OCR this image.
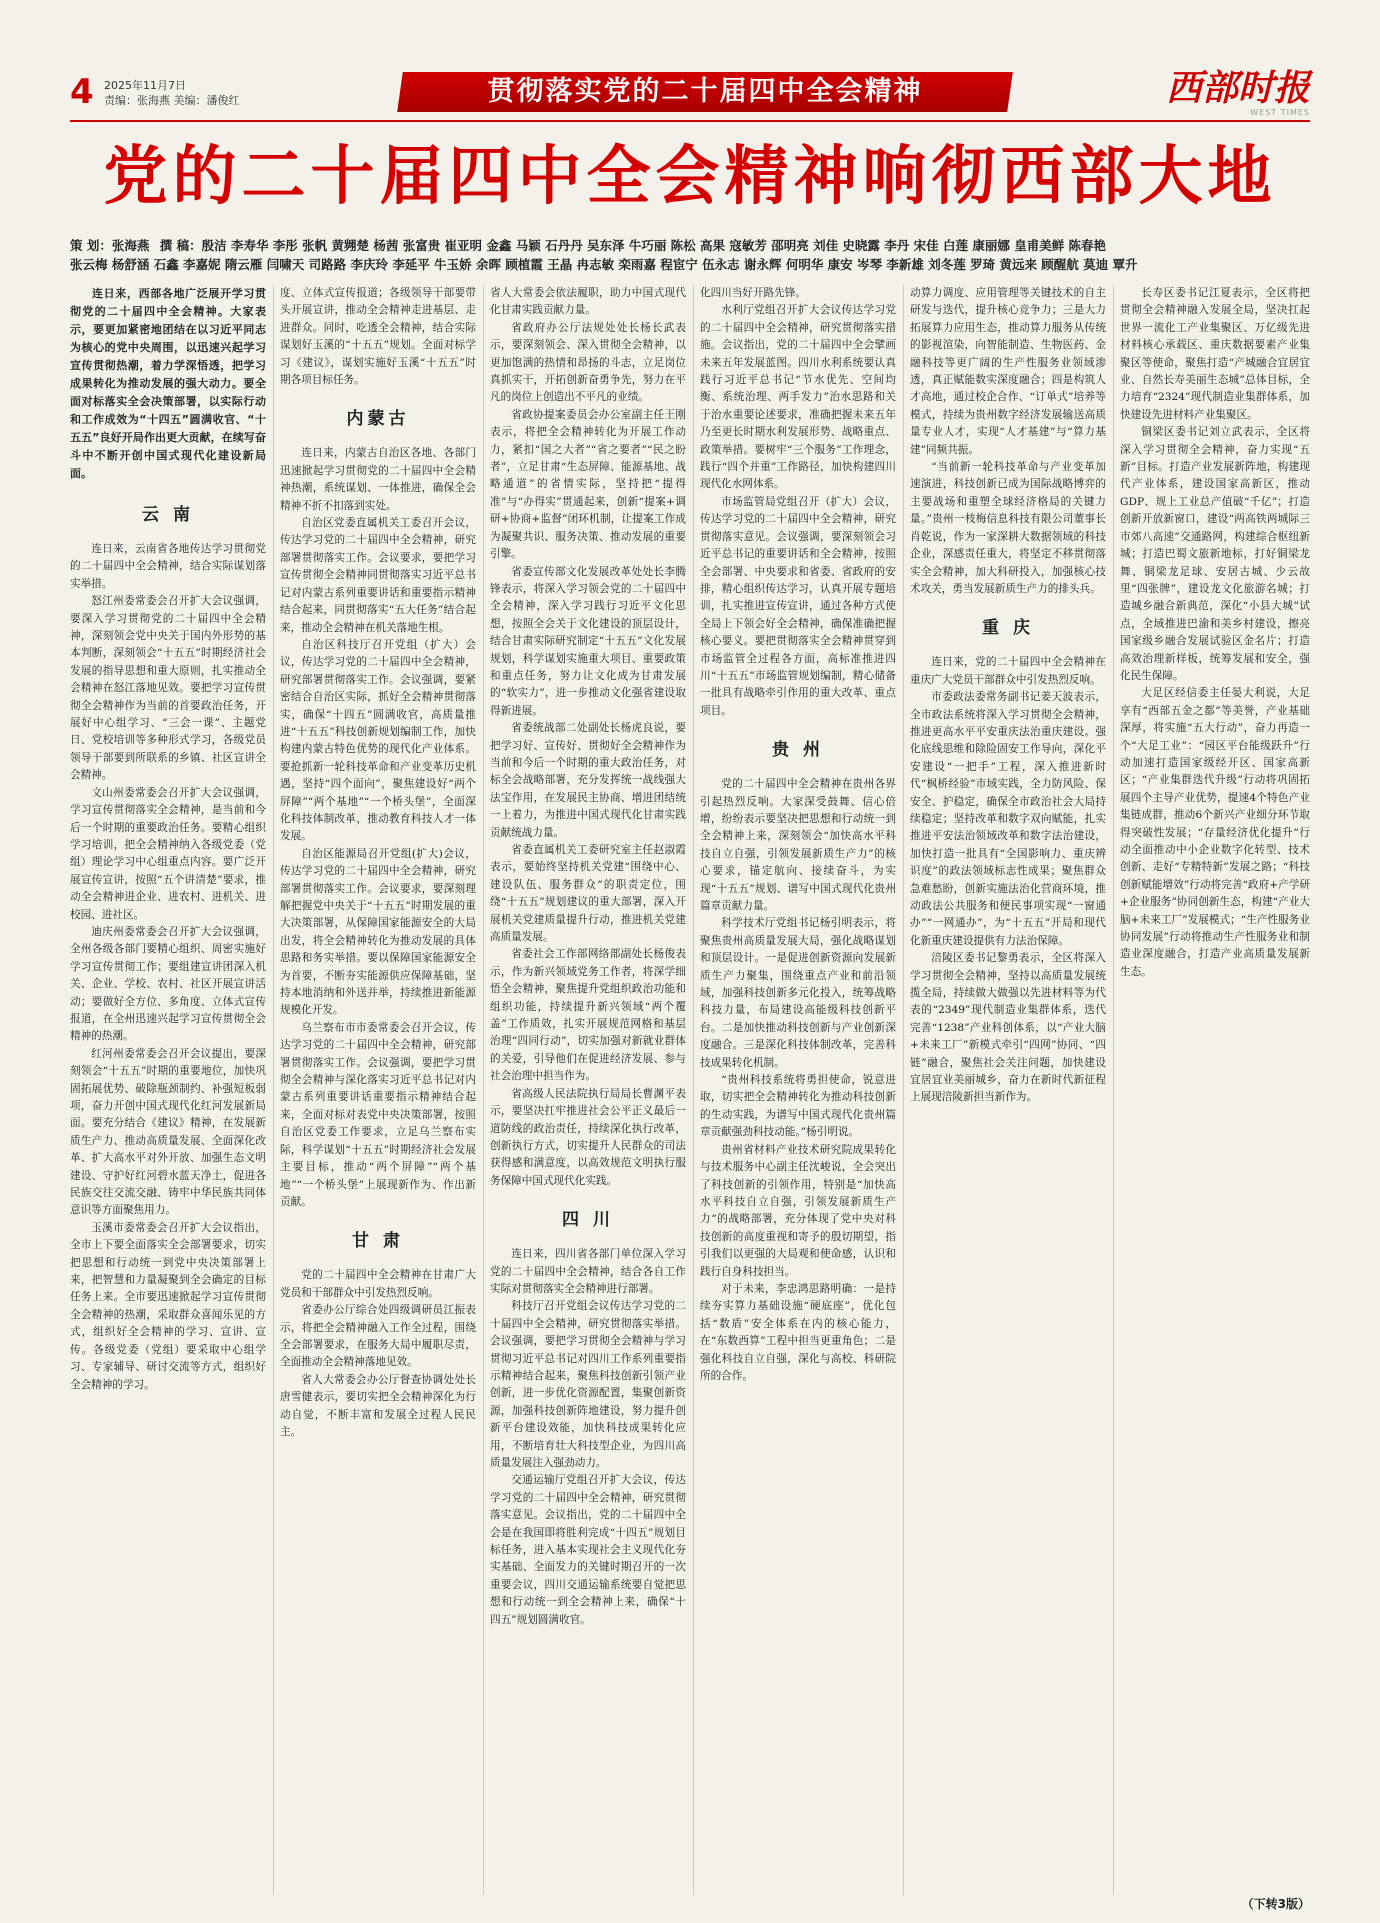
4 2025年11月7日
责编：张海燕 美编：潘俊红	贯彻落实党的二十届四中全会精神	西部时报
WEST TIMES
党的二十届四中全会精神响彻西部大地
策 划：张海燕 撰 稿：殷洁 李寿华 李彤 张帆 黄翙楚 杨茜 张富贵 崔亚明 金鑫 马颖 石丹丹 吴东泽 牛巧丽 陈松 高果 寇敏芳 邵明亮 刘佳 史晓露 李丹 宋佳 白莲 康丽娜 皇甫美鲜 陈春艳
张云梅 杨舒涵 石鑫 李嘉妮 隋云雁 闫啸天 司路路 李庆玲 李延平 牛玉娇 余晖 顾植霞 王晶 冉志敏 栾雨嘉 程宦宁 伍永志 谢永辉 何明华 康安 岑琴 李新雄 刘冬莲 罗琦 黄远来 顾醒航 莫迪 覃升

连日来，西部各地广泛展开学习贯彻党的二十届四中全会精神。大家表示，要更加紧密地团结在以习近平同志为核心的党中央周围，以迅速兴起学习宣传贯彻热潮，着力学深悟透，把学习成果转化为推动发展的强大动力。要全面对标落实全会决策部署，以实际行动和工作成效为“十四五”圆满收官、“十五五”良好开局作出更大贡献，在续写奋斗中不断开创中国式现代化建设新局面。

云 南

连日来，云南省各地传达学习贯彻党的二十届四中全会精神，结合实际谋划落实举措。

怒江州委常委会召开扩大会议强调，要深入学习贯彻党的二十届四中全会精神，深刻领会党中央关于国内外形势的基本判断，深刻领会“十五五”时期经济社会发展的指导思想和重大原则，扎实推动全会精神在怒江落地见效。要把学习宣传贯彻全会精神作为当前的首要政治任务，开展好中心组学习、“三会一课”、主题党日、党校培训等多种形式学习，各级党员领导干部要到所联系的乡镇、社区宣讲全会精神。

文山州委常委会召开扩大会议强调，学习宣传贯彻落实全会精神，是当前和今后一个时期的重要政治任务。要精心组织学习培训，把全会精神纳入各级党委（党组）理论学习中心组重点内容。要广泛开展宣传宣讲，按照“五个讲清楚”要求，推动全会精神进企业、进农村、进机关、进校园、进社区。

迪庆州委常委会召开扩大会议强调，全州各级各部门要精心组织、周密实施好学习宣传贯彻工作；要组建宣讲团深入机关、企业、学校、农村、社区开展宣讲活动；要做好全方位、多角度、立体式宣传报道，在全州迅速兴起学习宣传贯彻全会精神的热潮。

红河州委常委会召开会议提出，要深刻领会“十五五”时期的重要地位，加快巩固拓展优势、破除瓶颈制约、补强短板弱项，奋力开创中国式现代化红河发展新局面。要充分结合《建议》精神，在发展新质生产力、推动高质量发展、全面深化改革、扩大高水平对外开放、加强生态文明建设、守护好红河碧水蓝天净土，促进各民族交往交流交融、铸牢中华民族共同体意识等方面聚焦用力。

玉溪市委常委会召开扩大会议指出，全市上下要全面落实全会部署要求，切实把思想和行动统一到党中央决策部署上来，把智慧和力量凝聚到全会确定的目标任务上来。全市要迅速掀起学习宣传贯彻全会精神的热潮，采取群众喜闻乐见的方式，组织好全会精神的学习、宣讲、宣传。各级党委（党组）要采取中心组学习、专家辅导、研讨交流等方式，组织好全会精神的学习。

度、立体式宣传报道；各级领导干部要带头开展宣讲，推动全会精神走进基层、走进群众。同时，吃透全会精神，结合实际谋划好玉溪的“十五五”规划。全面对标学习《建议》，谋划实施好玉溪“十五五”时期各项目标任务。

内蒙古

连日来，内蒙古自治区各地、各部门迅速掀起学习贯彻党的二十届四中全会精神热潮，系统谋划、一体推进，确保全会精神不折不扣落到实处。

自治区党委直属机关工委召开会议，传达学习党的二十届四中全会精神，研究部署贯彻落实工作。会议要求，要把学习宣传贯彻全会精神同贯彻落实习近平总书记对内蒙古系列重要讲话和重要指示精神结合起来，同贯彻落实“五大任务”结合起来，推动全会精神在机关落地生根。

自治区科技厅召开党组（扩大）会议，传达学习党的二十届四中全会精神，研究部署贯彻落实工作。会议强调，要紧密结合自治区实际，抓好全会精神贯彻落实，确保“十四五”圆满收官，高质量推进“十五五”科技创新规划编制工作，加快构建内蒙古特色优势的现代化产业体系。要抢抓新一轮科技革命和产业变革历史机遇，坚持“四个面向”，聚焦建设好“两个屏障”“两个基地”“一个桥头堡”，全面深化科技体制改革，推动教育科技人才一体发展。

自治区能源局召开党组(扩大)会议，传达学习党的二十届四中全会精神，研究部署贯彻落实工作。会议要求，要深刻理解把握党中央关于“十五五”时期发展的重大决策部署，从保障国家能源安全的大局出发，将全会精神转化为推动发展的具体思路和务实举措。要以保障国家能源安全为首要，不断夯实能源供应保障基础，坚持本地消纳和外送并举，持续推进新能源规模化开发。

乌兰察布市市委常委会召开会议，传达学习党的二十届四中全会精神，研究部署贯彻落实工作。会议强调，要把学习贯彻全会精神与深化落实习近平总书记对内蒙古系列重要讲话重要指示精神结合起来，全面对标对表党中央决策部署，按照自治区党委工作要求，立足乌兰察布实际，科学谋划“十五五”时期经济社会发展主要目标，推动“两个屏障”“两个基地”“一个桥头堡”上展现新作为、作出新贡献。

甘 肃

党的二十届四中全会精神在甘肃广大党员和干部群众中引发热烈反响。

省委办公厅综合处四级调研员江振表示，将把全会精神融入工作全过程，围绕全会部署要求，在服务大局中履职尽责，全面推动全会精神落地见效。

省人大常委会办公厅督查协调处处长唐雪健表示，要切实把全会精神深化为行动自觉，不断丰富和发展全过程人民民主。

省人大常委会依法履职，助力中国式现代化甘肃实践贡献力量。

省政府办公厅法规处处长杨长武表示，要深刻领会、深入贯彻全会精神，以更加饱满的热情和昂扬的斗志，立足岗位真抓实干，开拓创新奋勇争先，努力在平凡的岗位上创造出不平凡的业绩。

省政协提案委员会办公室副主任王刚表示，将把全会精神转化为开展工作动力，紧扣“国之大者”“省之要者”“民之盼者”，立足甘肃“生态屏障、能源基地、战略通道”的省情实际，坚持把“提得准”与“办得实”贯通起来，创新“提案+调研+协商+监督”闭环机制，让提案工作成为凝聚共识、服务决策、推动发展的重要引擎。

省委宣传部文化发展改革处处长李腾锋表示，将深入学习领会党的二十届四中全会精神，深入学习践行习近平文化思想，按照全会关于文化建设的顶层设计，结合甘肃实际研究制定“十五五”文化发展规划，科学谋划实施重大项目、重要政策和重点任务，努力让文化成为甘肃发展的“软实力”，进一步推动文化强省建设取得新进展。

省委统战部二处副处长杨虎良说，要把学习好、宣传好、贯彻好全会精神作为当前和今后一个时期的重大政治任务，对标全会战略部署，充分发挥统一战线强大法宝作用，在发展民主协商、增进团结统一上着力，为推进中国式现代化甘肃实践贡献统战力量。

省委直属机关工委研究室主任赵淑霞表示，要始终坚持机关党建“围绕中心、建设队伍、服务群众”的职责定位，围绕“十五五”规划建议的重大部署，深入开展机关党建质量提升行动，推进机关党建高质量发展。

省委社会工作部网络部副处长杨俊表示，作为新兴领域党务工作者，将深学细悟全会精神，聚焦提升党组织政治功能和组织功能，持续提升新兴领域“两个覆盖”工作质效，扎实开展规范网格和基层治理“四同行动”，切实加强对新就业群体的关爱，引导他们在促进经济发展、参与社会治理中担当作为。

省高级人民法院执行局局长曹渊平表示，要坚决扛牢推进社会公平正义最后一道防线的政治责任，持续深化执行改革，创新执行方式，切实提升人民群众的司法获得感和满意度，以高效规范文明执行服务保障中国式现代化实践。

四 川

连日来，四川省各部门单位深入学习党的二十届四中全会精神，结合各自工作实际对贯彻落实全会精神进行部署。

科技厅召开党组会议传达学习党的二十届四中全会精神，研究贯彻落实举措。会议强调，要把学习贯彻全会精神与学习贯彻习近平总书记对四川工作系列重要指示精神结合起来，聚焦科技创新引领产业创新，进一步优化资源配置，集聚创新资源，加强科技创新阵地建设，努力提升创新平台建设效能，加快科技成果转化应用，不断培育壮大科技型企业，为四川高质量发展注入强劲动力。

交通运输厅党组召开扩大会议，传达学习党的二十届四中全会精神，研究贯彻落实意见。会议指出，党的二十届四中全会是在我国即将胜利完成“十四五”规划目标任务，进入基本实现社会主义现代化夯实基础、全面发力的关键时期召开的一次重要会议，四川交通运输系统要自觉把思想和行动统一到全会精神上来，确保“十四五”规划圆满收官。

化四川当好开路先锋。

水利厅党组召开扩大会议传达学习党的二十届四中全会精神，研究贯彻落实措施。会议指出，党的二十届四中全会擘画未来五年发展蓝图。四川水利系统要认真践行习近平总书记“节水优先、空间均衡、系统治理、两手发力”治水思路和关于治水重要论述要求，准确把握未来五年乃至更长时期水利发展形势、战略重点、政策举措。要树牢“三个服务”工作理念，践行“四个并重”工作路径，加快构建四川现代化水网体系。

市场监管局党组召开（扩大）会议，传达学习党的二十届四中全会精神，研究贯彻落实意见。会议强调，要深刻领会习近平总书记的重要讲话和全会精神，按照全会部署、中央要求和省委、省政府的安排，精心组织传达学习，认真开展专题培训，扎实推进宣传宣讲，通过各种方式使全局上下领会好全会精神，确保准确把握核心要义。要把贯彻落实全会精神贯穿到市场监管全过程各方面，高标准推进四川“十五五”市场监管规划编制，精心储备一批具有战略牵引作用的重大改革、重点项目。

贵 州

党的二十届四中全会精神在贵州各界引起热烈反响。大家深受鼓舞、信心倍增，纷纷表示要坚决把思想和行动统一到全会精神上来，深刻领会“加快高水平科技自立自强，引领发展新质生产力”的核心要求，锚定航向、接续奋斗，为实现“十五五”规划、谱写中国式现代化贵州篇章贡献力量。

科学技术厅党组书记杨引明表示，将聚焦贵州高质量发展大局，强化战略谋划和顶层设计。一是促进创新资源向发展新质生产力聚集，围绕重点产业和前沿领域，加强科技创新多元化投入，统筹战略科技力量，布局建设高能级科技创新平台。二是加快推动科技创新与产业创新深度融合。三是深化科技体制改革，完善科技成果转化机制。

“贵州科技系统将勇担使命，锐意进取，切实把全会精神转化为推动科技创新的生动实践，为谱写中国式现代化贵州篇章贡献强劲科技动能。”杨引明说。

贵州省材料产业技术研究院成果转化与技术服务中心副主任沈峻说，全会突出了科技创新的引领作用，特别是“加快高水平科技自立自强，引领发展新质生产力”的战略部署，充分体现了党中央对科技创新的高度重视和寄予的殷切期望，指引我们以更强的大局观和使命感，认识和践行自身科技担当。

对于未来，李忠鸿思路明确：一是持续夯实算力基础设施“硬底座”，优化包括“数盾”安全体系在内的核心能力，在“东数西算”工程中担当更重角色；二是强化科技自立自强，深化与高校、科研院所的合作。

动算力调度、应用管理等关键技术的自主研发与迭代，提升核心竞争力；三是大力拓展算力应用生态，推动算力服务从传统的影视渲染，向智能制造、生物医药、金融科技等更广阔的生产性服务业领域渗透，真正赋能数实深度融合；四是构筑人才高地，通过校企合作、“订单式”培养等模式，持续为贵州数字经济发展输送高质量专业人才，实现“人才基建”与“算力基建”同频共振。

“当前新一轮科技革命与产业变革加速演进，科技创新已成为国际战略博弈的主要战场和重塑全球经济格局的关键力量。”贵州一枝梅信息科技有限公司董事长肖乾说，作为一家深耕大数据领域的科技企业，深感责任重大，将坚定不移贯彻落实全会精神，加大科研投入，加强核心技术攻关，勇当发展新质生产力的排头兵。

重 庆

连日来，党的二十届四中全会精神在重庆广大党员干部群众中引发热烈反响。

市委政法委常务副书记姜天波表示，全市政法系统将深入学习贯彻全会精神，推进更高水平平安重庆法治重庆建设。强化底线思维和除险固安工作导向，深化平安建设“一把手”工程，深入推进新时代“枫桥经验”市域实践，全力防风险、保安全、护稳定，确保全市政治社会大局持续稳定；坚持改革和数字双向赋能，扎实推进平安法治领域改革和数字法治建设，加快打造一批具有“全国影响力、重庆辨识度”的政法领域标志性成果；聚焦群众急难愁盼，创新实施法治化营商环境，推动政法公共服务和便民事项实现“一窗通办”“一网通办”，为“十五五”开局和现代化新重庆建设提供有力法治保障。

涪陵区委书记黎勇表示，全区将深入学习贯彻全会精神，坚持以高质量发展统揽全局，持续做大做强以先进材料等为代表的“2349”现代制造业集群体系，迭代完善“1238”产业科创体系，以“产业大脑+未来工厂”新模式牵引“四网”协同、“四链”融合，聚焦社会关注问题，加快建设宜居宜业美丽城乡，奋力在新时代新征程上展现涪陵新担当新作为。

长寿区委书记江夏表示，全区将把贯彻全会精神融入发展全局，坚决扛起世界一流化工产业集聚区、万亿级先进材料核心承载区、重庆数据要素产业集聚区等使命，聚焦打造“产城融合宜居宜业、自然长寿美丽生态城”总体目标，全力培育“2324”现代制造业集群体系，加快建设先进材料产业集聚区。

铜梁区委书记刘立武表示，全区将深入学习贯彻全会精神，奋力实现“五新”目标。打造产业发展新阵地，构建现代产业体系，建设国家高新区，推动GDP、规上工业总产值破“千亿”；打造创新开放新窗口，建设“两高铁两城际三市郊八高速”交通路网，构建综合枢纽新城；打造巴蜀文旅新地标，打好铜梁龙舞、铜梁龙足球、安居古城、少云故里“四张牌”，建设龙文化旅游名城；打造城乡融合新典范，深化“小县大城”试点，全域推进巴渝和美乡村建设，擦亮国家级乡融合发展试验区金名片；打造高效治理新样板，统筹发展和安全，强化民生保障。

大足区经信委主任晏大利说，大足享有“西部五金之都”等美誉，产业基础深厚，将实施“五大行动”，奋力再造一个“大足工业”：“园区平台能级跃升”行动加速打造国家级经开区、国家高新区；“产业集群迭代升级”行动将巩固拓展四个主导产业优势，提速4个特色产业集链成群，推动6个新兴产业细分环节取得突破性发展；“存量经济优化提升”行动全面推动中小企业数字化转型、技术创新、走好“专精特新”发展之路；“科技创新赋能增效”行动将完善“政府+产学研+企业服务”协同创新生态，构建“产业大脑+未来工厂”发展模式；“生产性服务业协同发展”行动将推动生产性服务业和制造业深度融合，打造产业高质量发展新生态。

（下转3版）
